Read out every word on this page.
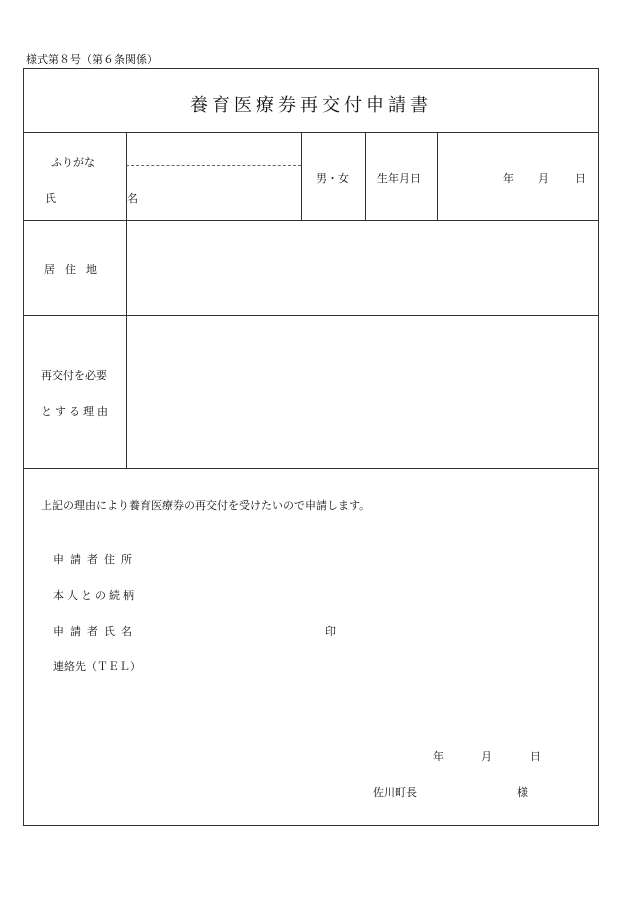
様式第８号（第６条関係）
養育医療券再交付申請書
ふりがな
氏　名
男・女	生年月日	年 月 日
居住地
再交付を必要
とする理由
上記の理由により養育医療券の再交付を受けたいので申請します。
申請者住所
本人との続柄
申請者氏名	印
連絡先（ＴＥＬ）
年	月	日
佐川町長	様
